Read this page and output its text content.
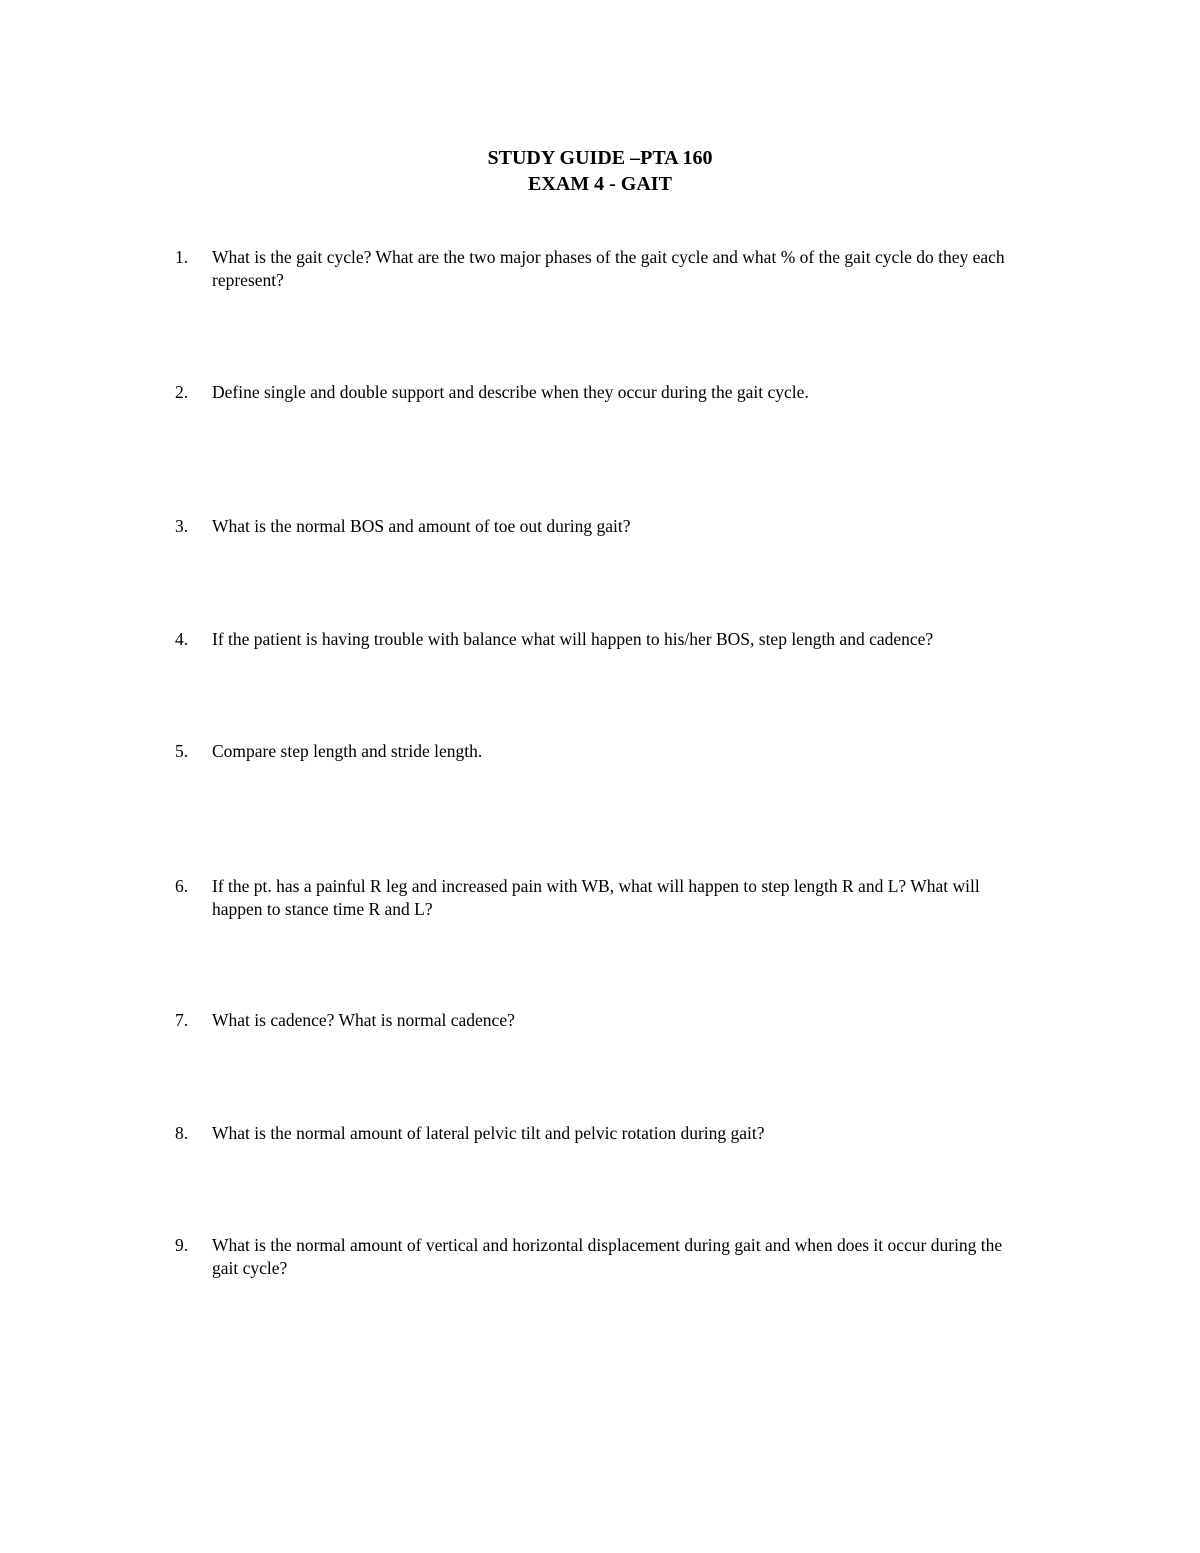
STUDY GUIDE –PTA 160
EXAM 4 - GAIT
1.	What is the gait cycle? What are the two major phases of the gait cycle and what % of the gait cycle do they each represent?
2.	Define single and double support and describe when they occur during the gait cycle.
3.	What is the normal BOS and amount of toe out during gait?
4.	If the patient is having trouble with balance what will happen to his/her BOS, step length and cadence?
5.	Compare step length and stride length.
6.	If the pt. has a painful R leg and increased pain with WB, what will happen to step length R and L? What will happen to stance time R and L?
7.	What is cadence? What is normal cadence?
8.	What is the normal amount of lateral pelvic tilt and pelvic rotation during gait?
9.	What is the normal amount of vertical and horizontal displacement during gait and when does it occur during the gait cycle?
